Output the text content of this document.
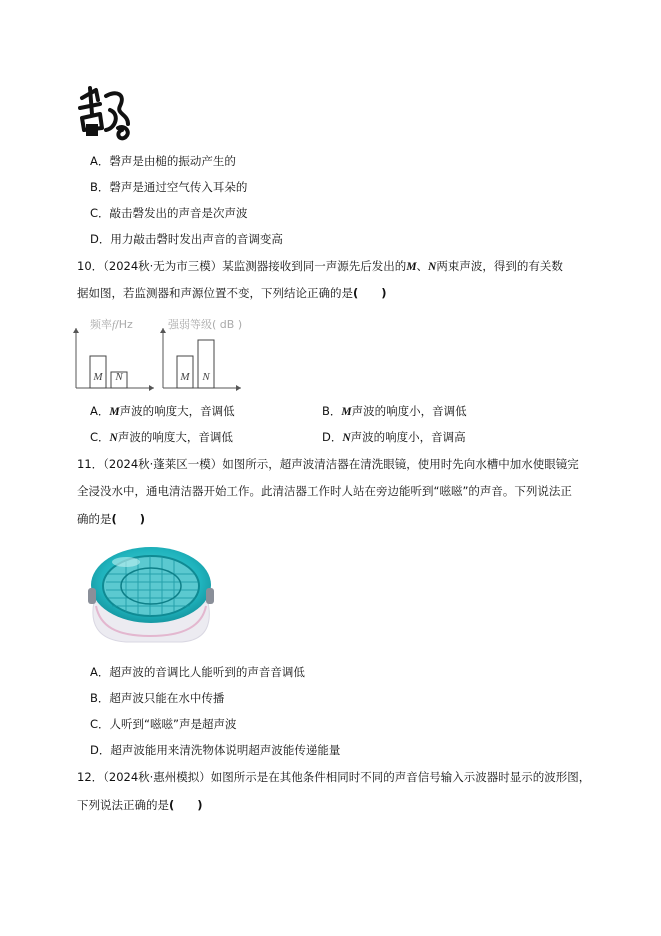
A．磬声是由槌的振动产生的
B．磬声是通过空气传入耳朵的
C．敲击磬发出的声音是次声波
D．用力敲击磬时发出声音的音调变高
10．（2024秋·无为市三模）某监测器接收到同一声源先后发出的M、N两束声波，得到的有关数
据如图，若监测器和声源位置不变，下列结论正确的是(　　)
频率f/Hz
M N
强弱等级( dB )
M N
A．M声波的响度大，音调低	B．M声波的响度小，音调低
C．N声波的响度大，音调低	D．N声波的响度小，音调高
11．（2024秋·蓬莱区一模）如图所示，超声波清洁器在清洗眼镜，使用时先向水槽中加水使眼镜完
全浸没水中，通电清洁器开始工作。此清洁器工作时人站在旁边能听到“嗞嗞”的声音。下列说法正
确的是(　　)
A．超声波的音调比人能听到的声音音调低
B．超声波只能在水中传播
C．人听到“嗞嗞”声是超声波
D．超声波能用来清洗物体说明超声波能传递能量
12．（2024秋·惠州模拟）如图所示是在其他条件相同时不同的声音信号输入示波器时显示的波形图，
下列说法正确的是(　　)
